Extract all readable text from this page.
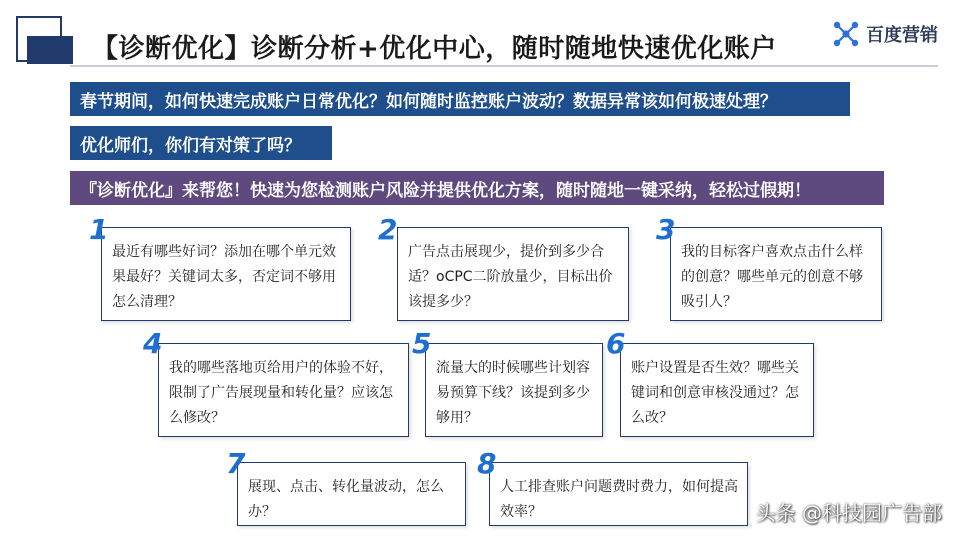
【诊断优化】诊断分析+优化中心，随时随地快速优化账户	百度营销
春节期间，如何快速完成账户日常优化？如何随时监控账户波动？数据异常该如何极速处理？
优化师们，你们有对策了吗？
『诊断优化』来帮您！快速为您检测账户风险并提供优化方案，随时随地一键采纳，轻松过假期！
最近有哪些好词？添加在哪个单元效果最好？关键词太多，否定词不够用怎么清理？
1
广告点击展现少，提价到多少合适？oCPC二阶放量少，目标出价该提多少？
2
我的目标客户喜欢点击什么样的创意？哪些单元的创意不够吸引人？
3
我的哪些落地页给用户的体验不好，限制了广告展现量和转化量？应该怎么修改？
4
流量大的时候哪些计划容易预算下线？该提到多少够用？
5
账户设置是否生效？哪些关键词和创意审核没通过？怎么改？
6
展现、点击、转化量波动，怎么办？
7
人工排查账户问题费时费力，如何提高效率？
8
头条 @科技园广告部
